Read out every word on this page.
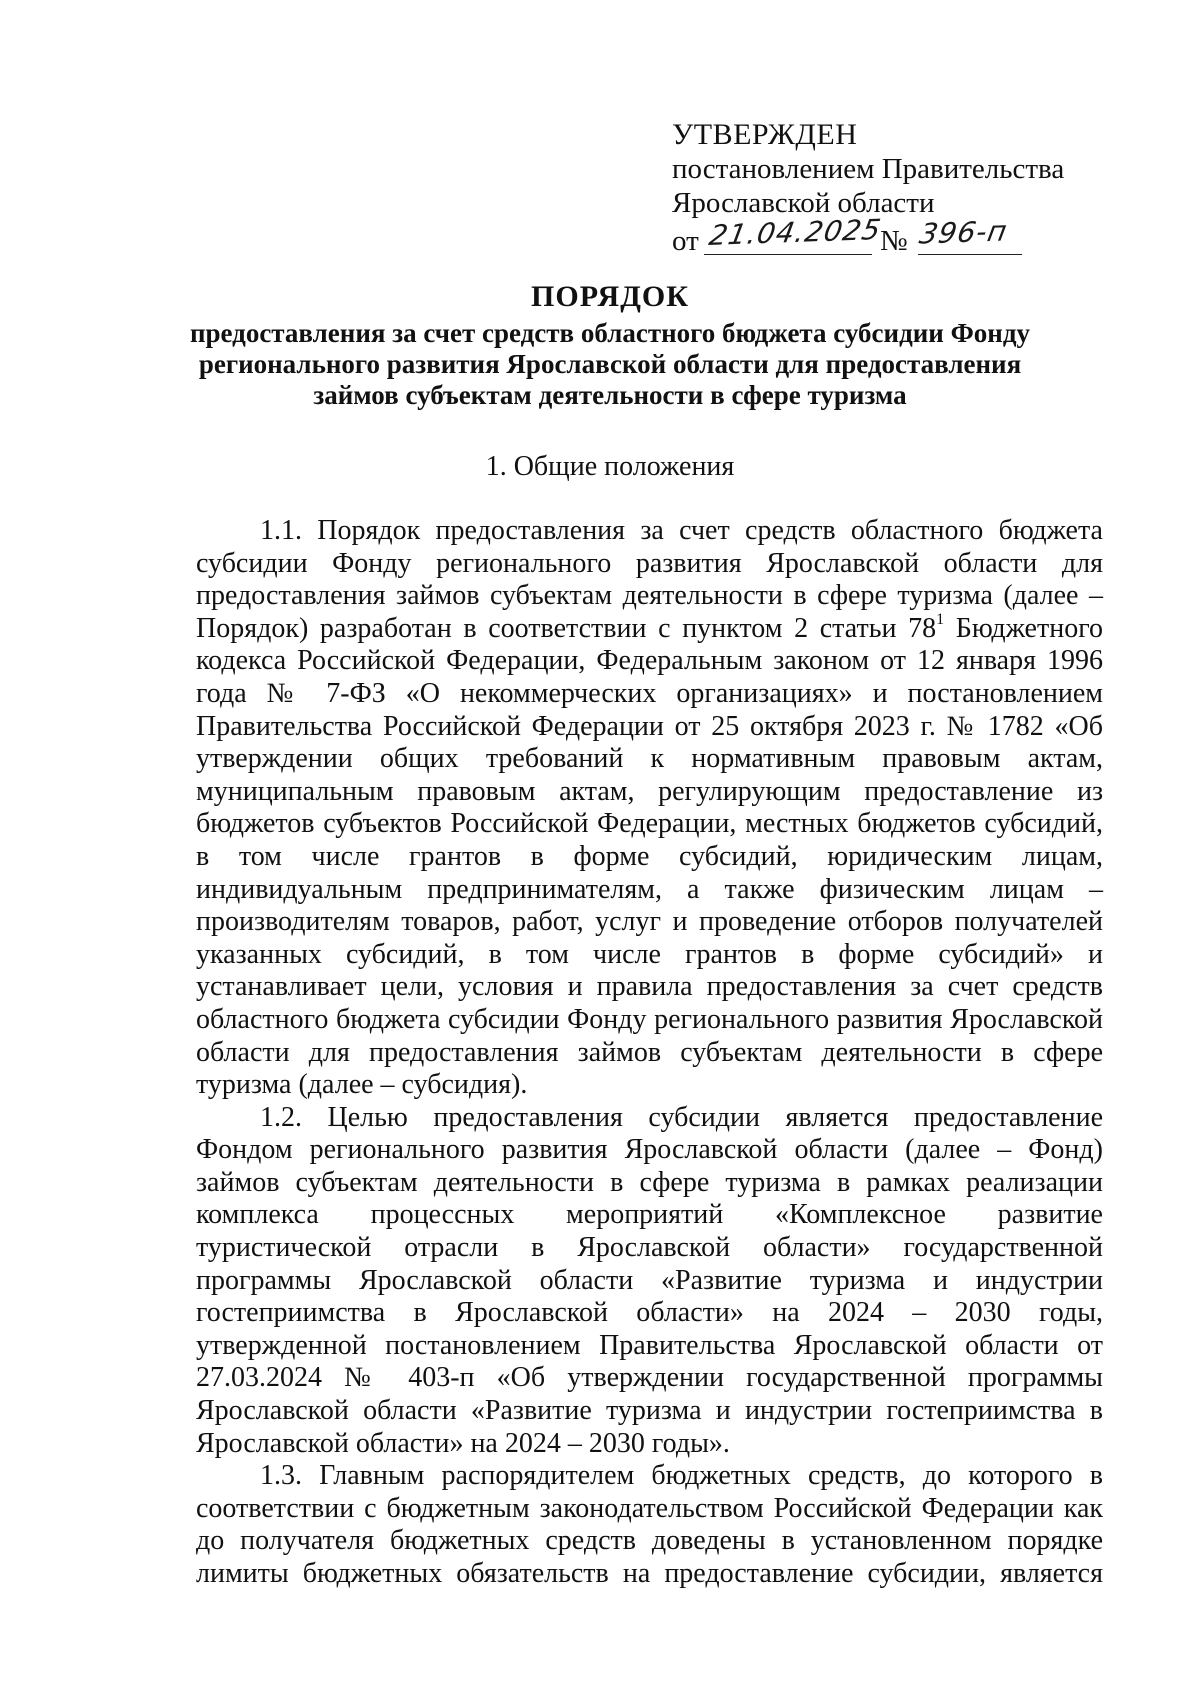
УТВЕРЖДЕН
постановлением Правительства
Ярославской области
от 21.04.2025
№ 396-п
ПОРЯДОК
предоставления за счет средств областного бюджета субсидии Фонду регионального развития Ярославской области для предоставления займов субъектам деятельности в сфере туризма
1. Общие положения

1.1. Порядок предоставления за счет средств областного бюджета субсидии Фонду регионального развития Ярославской области для предоставления займов субъектам деятельности в сфере туризма (далее – Порядок) разработан в соответствии с пунктом 2 статьи $78^1$ Бюджетного кодекса Российской Федерации, Федеральным законом от 12 января 1996 года № 7-ФЗ «О некоммерческих организациях» и постановлением Правительства Российской Федерации от 25 октября 2023 г. № 1782 «Об утверждении общих требований к нормативным правовым актам, муниципальным правовым актам, регулирующим предоставление из бюджетов субъектов Российской Федерации, местных бюджетов субсидий, в том числе грантов в форме субсидий, юридическим лицам, индивидуальным предпринимателям, а также физическим лицам – производителям товаров, работ, услуг и проведение отборов получателей указанных субсидий, в том числе грантов в форме субсидий» и устанавливает цели, условия и правила предоставления за счет средств областного бюджета субсидии Фонду регионального развития Ярославской области для предоставления займов субъектам деятельности в сфере туризма (далее – субсидия).

1.2. Целью предоставления субсидии является предоставление Фондом регионального развития Ярославской области (далее – Фонд) займов субъектам деятельности в сфере туризма в рамках реализации комплекса процессных мероприятий «Комплексное развитие туристической отрасли в Ярославской области» государственной программы Ярославской области «Развитие туризма и индустрии гостеприимства в Ярославской области» на 2024 – 2030 годы, утвержденной постановлением Правительства Ярославской области от 27.03.2024 № 403-п «Об утверждении государственной программы Ярославской области «Развитие туризма и индустрии гостеприимства в Ярославской области» на 2024 – 2030 годы».

1.3. Главным распорядителем бюджетных средств, до которого в соответствии с бюджетным законодательством Российской Федерации как до получателя бюджетных средств доведены в установленном порядке лимиты бюджетных обязательств на предоставление субсидии, является
